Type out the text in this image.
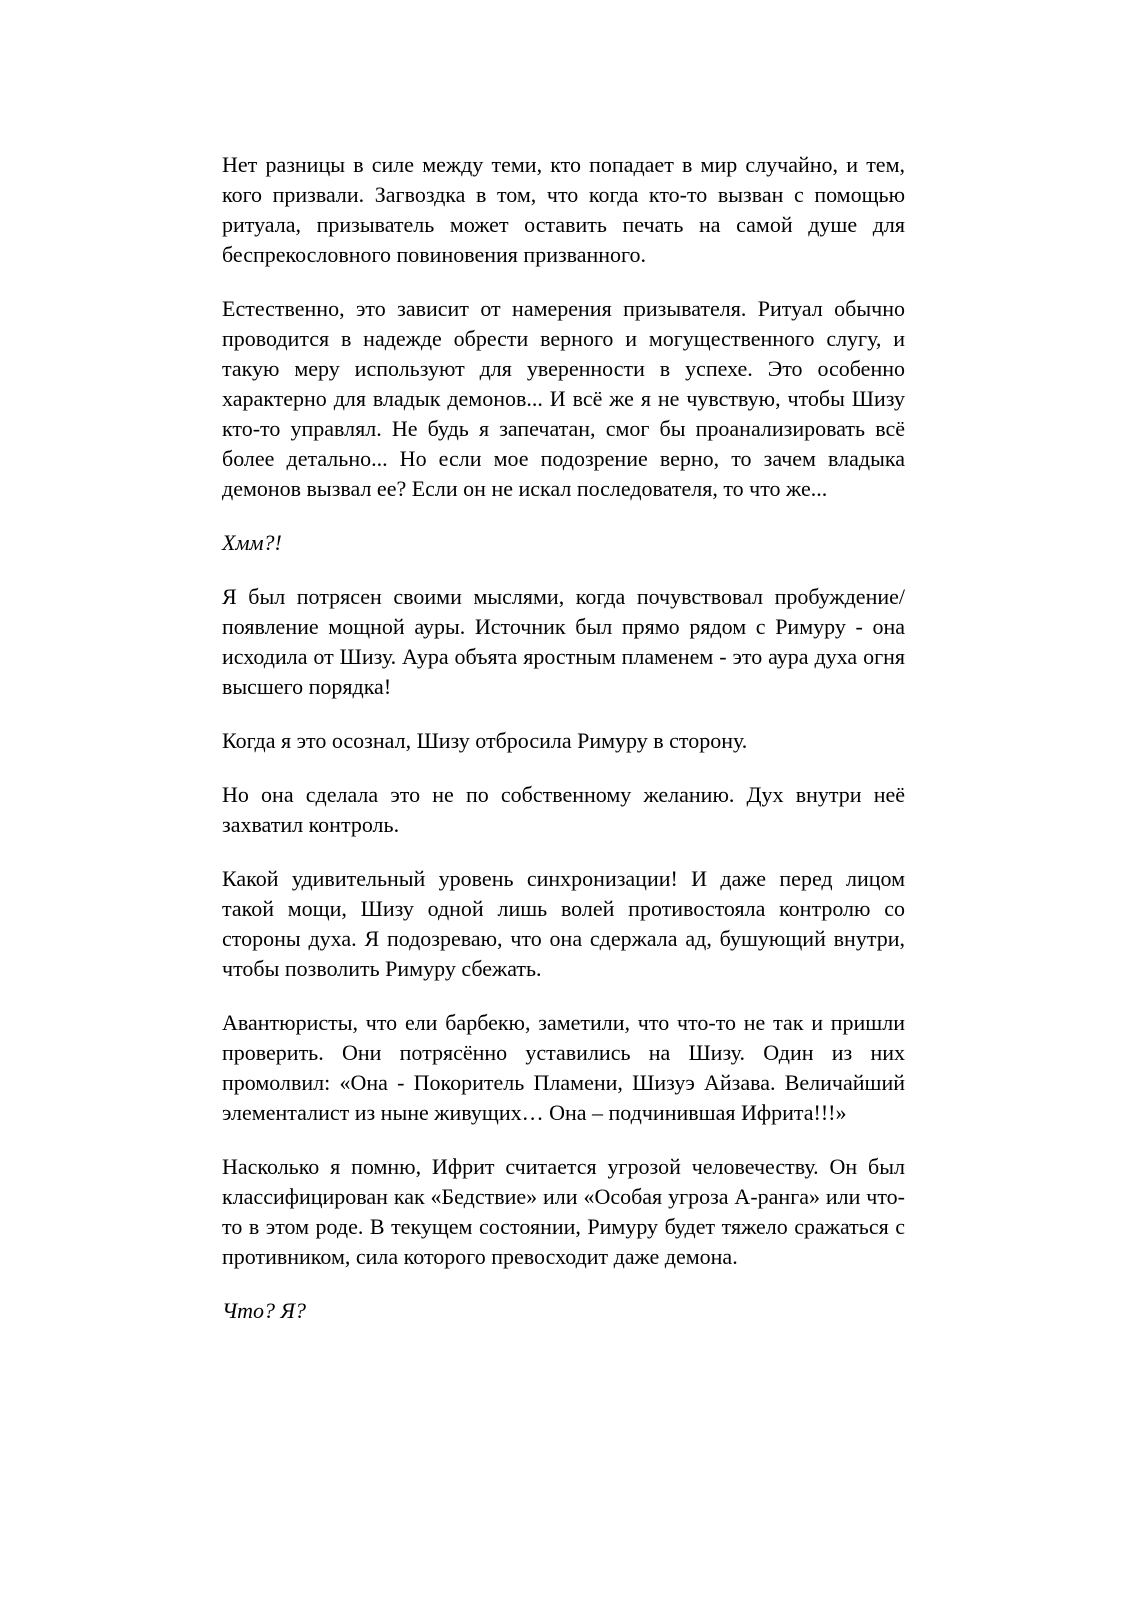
Нет разницы в силе между теми, кто попадает в мир случайно, и тем, кого призвали. Загвоздка в том, что когда кто-то вызван с помощью ритуала, призыватель может оставить печать на самой душе для беспрекословного повиновения призванного.

Естественно, это зависит от намерения призывателя. Ритуал обычно проводится в надежде обрести верного и могущественного слугу, и такую меру используют для уверенности в успехе. Это особенно характерно для владык демонов... И всё же я не чувствую, чтобы Шизу кто-то управлял. Не будь я запечатан, смог бы проанализировать всё более детально... Но если мое подозрение верно, то зачем владыка демонов вызвал ее? Если он не искал последователя, то что же...

Хмм?!

Я был потрясен своими мыслями, когда почувствовал пробуждение/появление мощной ауры. Источник был прямо рядом с Римуру - она исходила от Шизу. Аура объята яростным пламенем - это аура духа огня высшего порядка!

Когда я это осознал, Шизу отбросила Римуру в сторону.

Но она сделала это не по собственному желанию. Дух внутри неё захватил контроль.

Какой удивительный уровень синхронизации! И даже перед лицом такой мощи, Шизу одной лишь волей противостояла контролю со стороны духа. Я подозреваю, что она сдержала ад, бушующий внутри, чтобы позволить Римуру сбежать.

Авантюристы, что ели барбекю, заметили, что что-то не так и пришли проверить. Они потрясённо уставились на Шизу. Один из них промолвил: «Она - Покоритель Пламени, Шизуэ Айзава. Величайший элементалист из ныне живущих… Она – подчинившая Ифрита!!!»

Насколько я помню, Ифрит считается угрозой человечеству. Он был классифицирован как «Бедствие» или «Особая угроза А-ранга» или что-то в этом роде. В текущем состоянии, Римуру будет тяжело сражаться с противником, сила которого превосходит даже демона.

Что? Я?
